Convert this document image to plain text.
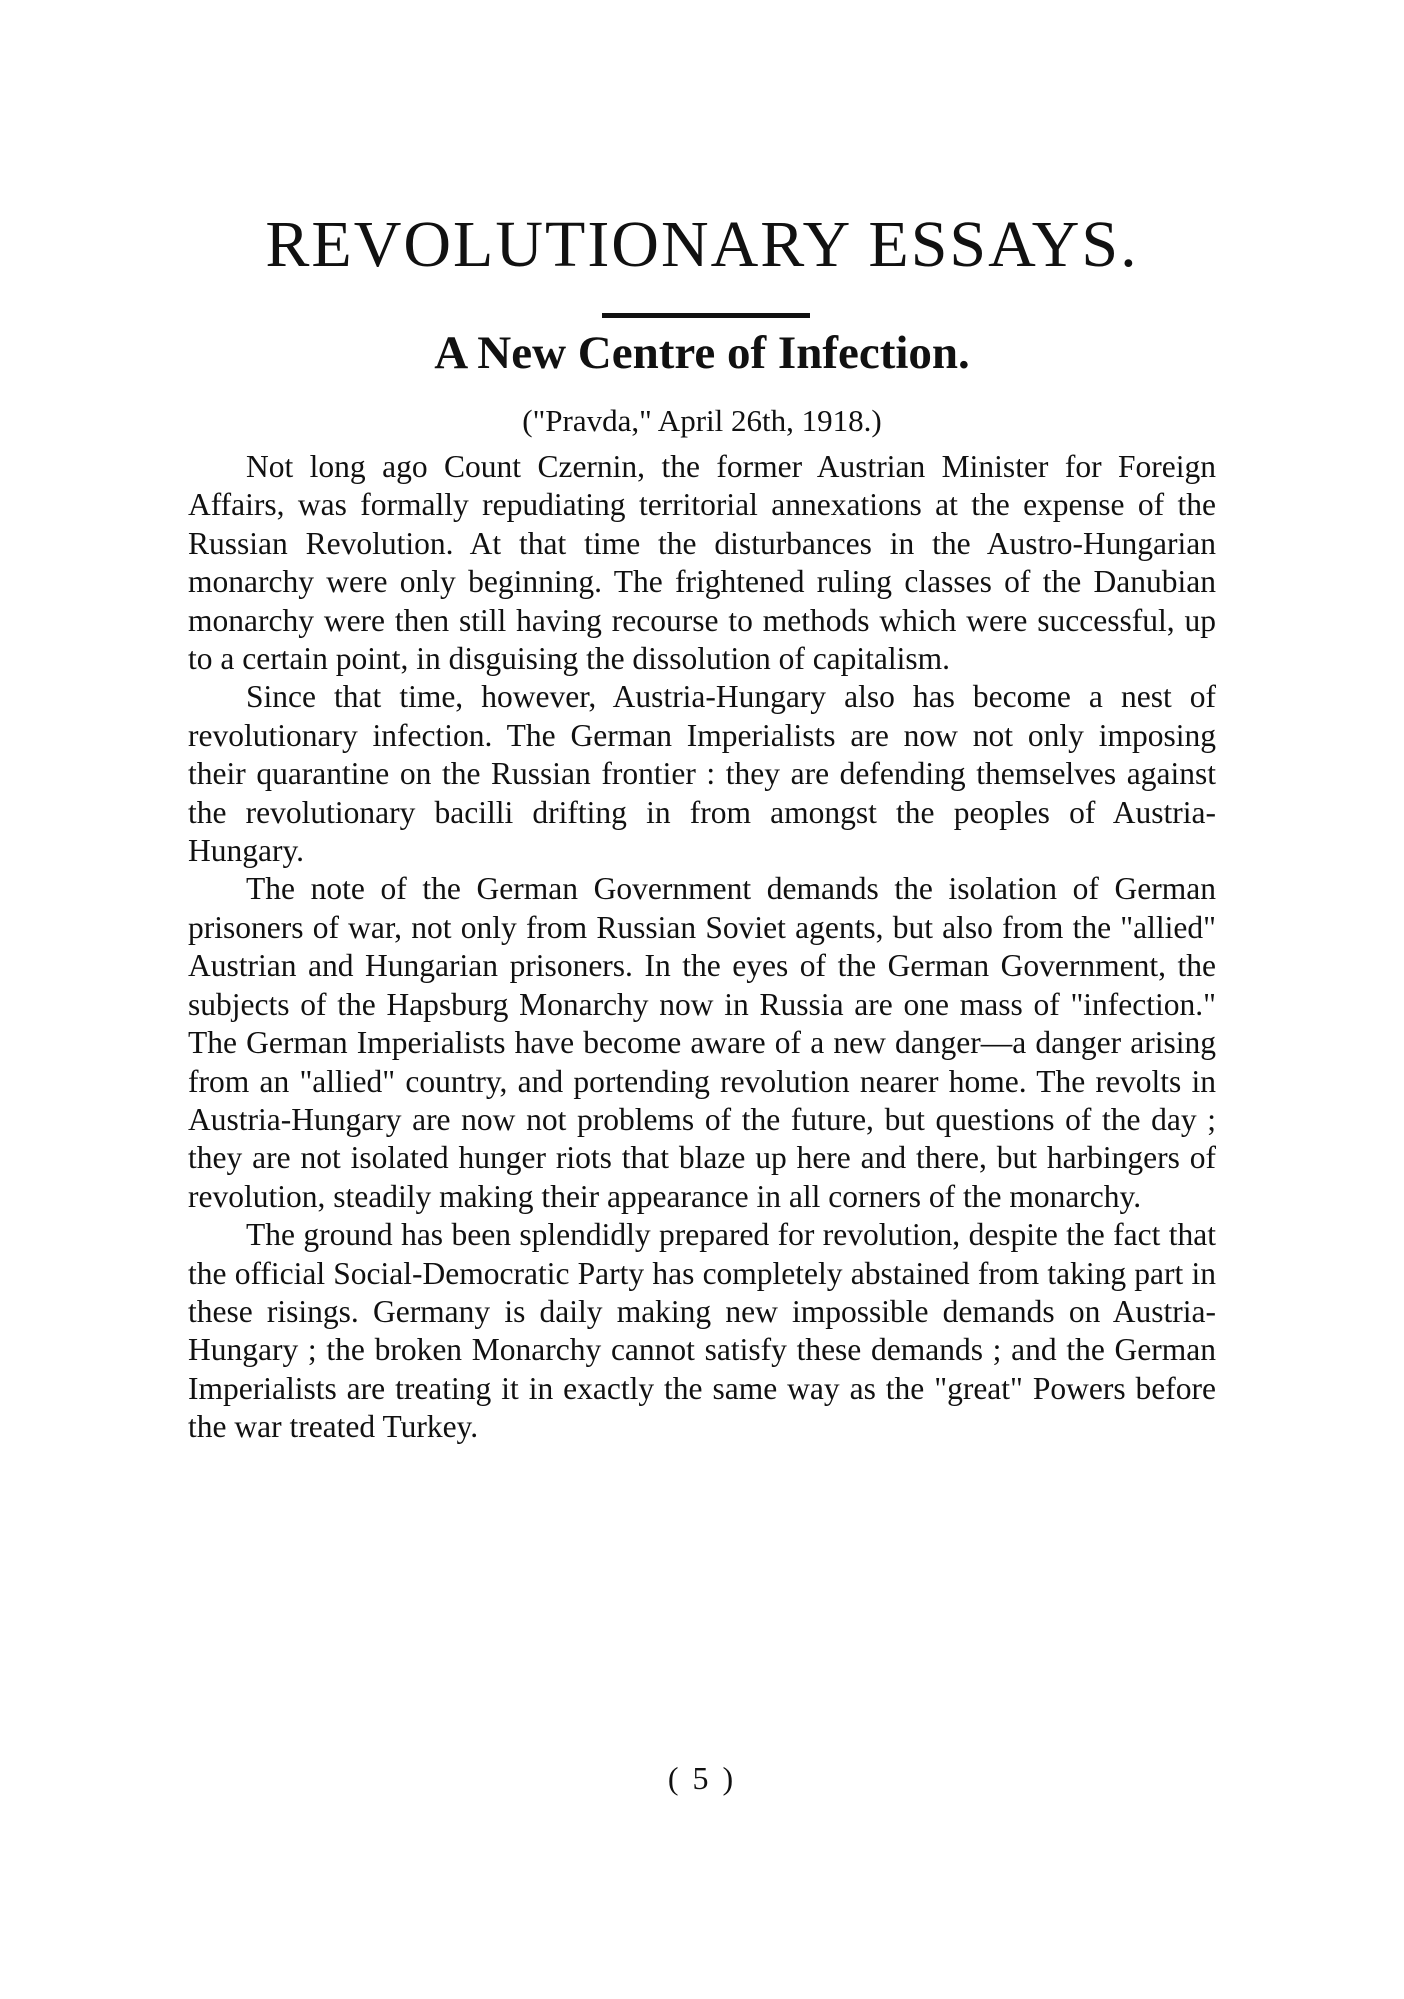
REVOLUTIONARY ESSAYS.
A New Centre of Infection.

("Pravda," April 26th, 1918.)

Not long ago Count Czernin, the former Austrian Minister for Foreign Affairs, was formally repudiating territorial annexations at the expense of the Russian Revolution. At that time the disturbances in the Austro-Hungarian monarchy were only beginning. The frightened ruling classes of the Danubian monarchy were then still having recourse to methods which were successful, up to a certain point, in disguising the dissolution of capitalism.

Since that time, however, Austria-Hungary also has become a nest of revolutionary infection. The German Imperialists are now not only imposing their quarantine on the Russian frontier : they are defending themselves against the revolutionary bacilli drifting in from amongst the peoples of Austria-Hungary.

The note of the German Government demands the isolation of German prisoners of war, not only from Russian Soviet agents, but also from the "allied" Austrian and Hungarian prisoners. In the eyes of the German Government, the subjects of the Hapsburg Monarchy now in Russia are one mass of "infection." The German Imperialists have become aware of a new danger—a danger arising from an "allied" country, and portending revolution nearer home. The revolts in Austria-Hungary are now not problems of the future, but questions of the day ; they are not isolated hunger riots that blaze up here and there, but harbingers of revolution, steadily making their appearance in all corners of the monarchy.

The ground has been splendidly prepared for revolution, despite the fact that the official Social-Democratic Party has completely abstained from taking part in these risings. Germany is daily making new impossible demands on Austria-Hungary ; the broken Monarchy cannot satisfy these demands ; and the German Imperialists are treating it in exactly the same way as the "great" Powers before the war treated Turkey.

( 5 )
